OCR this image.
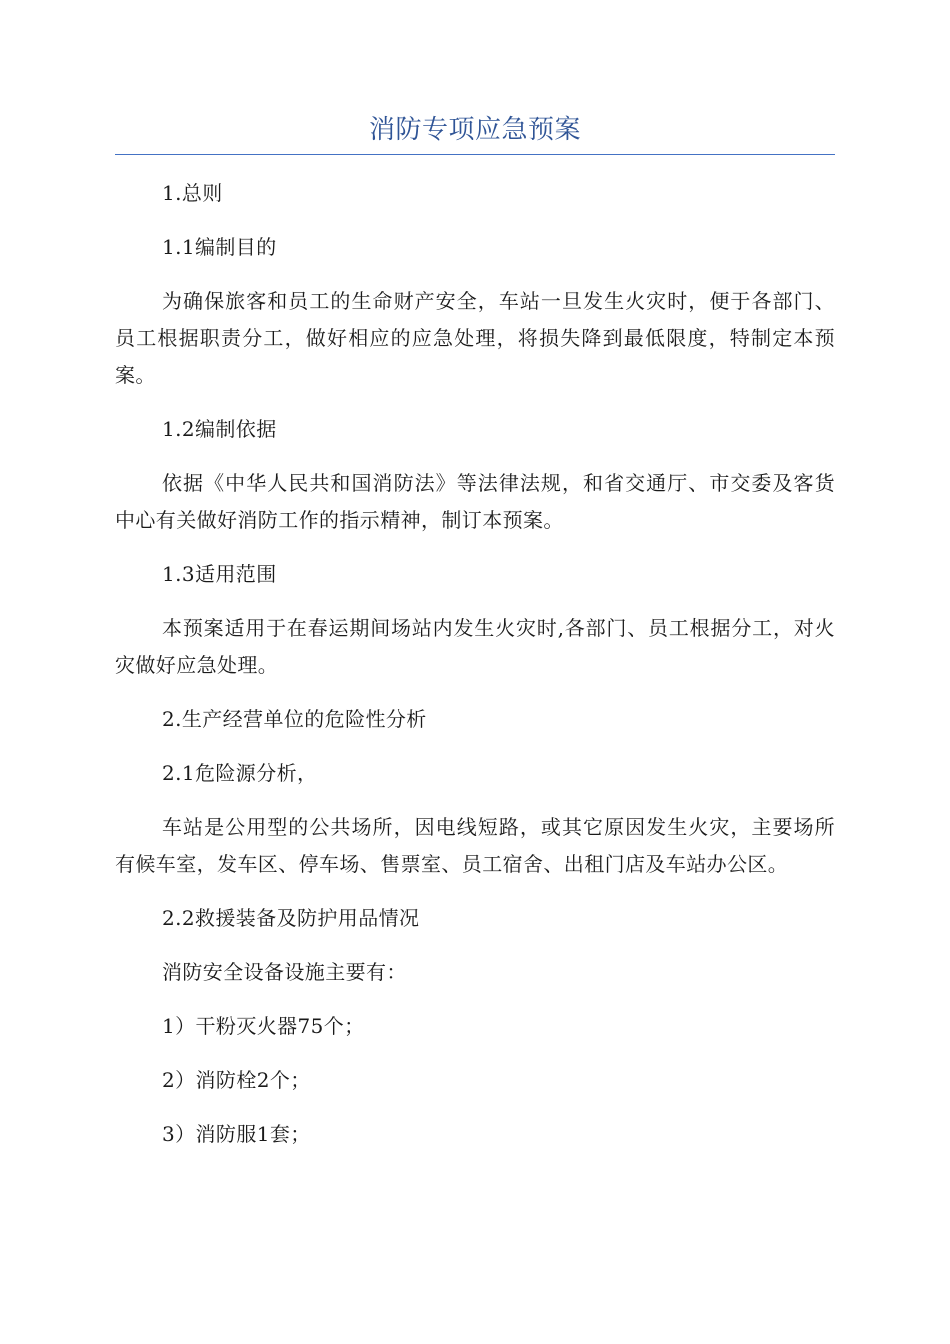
消防专项应急预案

1.总则

1.1编制目的

为确保旅客和员工的生命财产安全，车站一旦发生火灾时，便于各部门、员工根据职责分工，做好相应的应急处理，将损失降到最低限度，特制定本预案。

1.2编制依据

依据《中华人民共和国消防法》等法律法规，和省交通厅、市交委及客货中心有关做好消防工作的指示精神，制订本预案。

1.3适用范围

本预案适用于在春运期间场站内发生火灾时,各部门、员工根据分工，对火灾做好应急处理。

2.生产经营单位的危险性分析

2.1危险源分析，

车站是公用型的公共场所，因电线短路，或其它原因发生火灾，主要场所有候车室，发车区、停车场、售票室、员工宿舍、出租门店及车站办公区。

2.2救援装备及防护用品情况

消防安全设备设施主要有：

1）干粉灭火器75个；

2）消防栓2个；

3）消防服1套；
